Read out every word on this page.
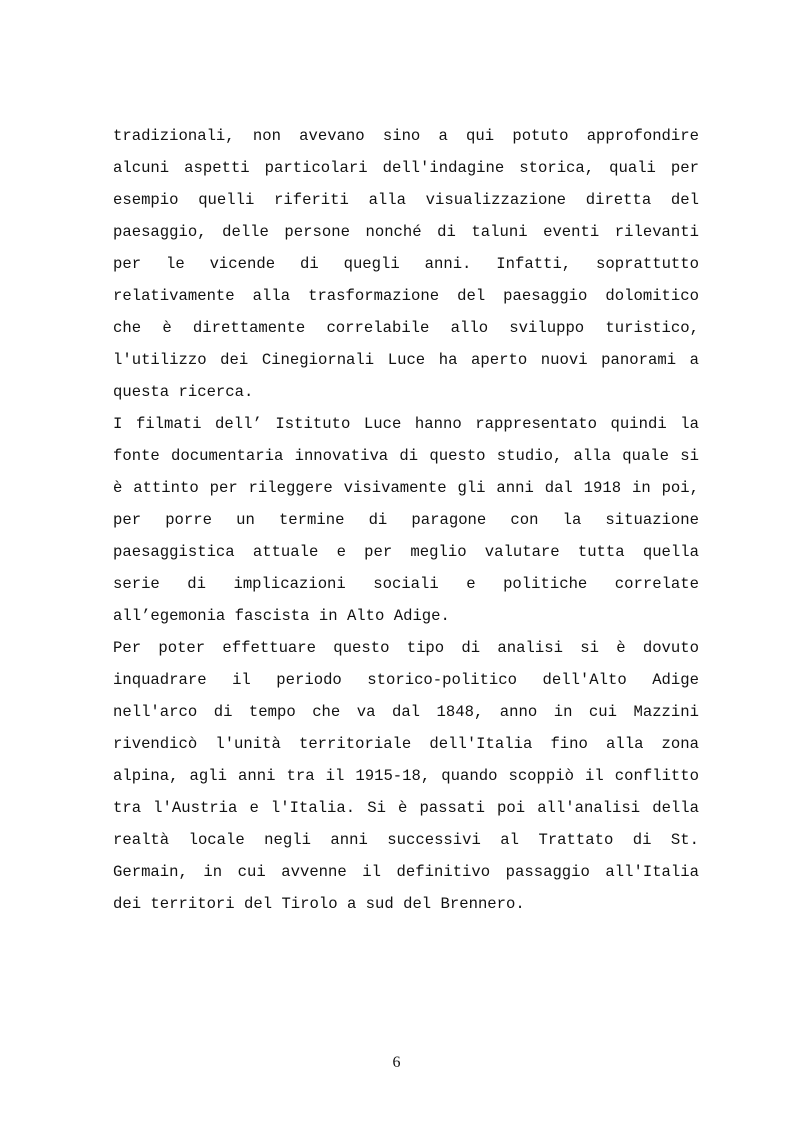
tradizionali, non avevano sino a qui potuto approfondire
alcuni aspetti particolari dell'indagine storica, quali per
esempio quelli riferiti alla visualizzazione diretta del
paesaggio, delle persone nonché di taluni eventi rilevanti
per le vicende di quegli anni. Infatti, soprattutto
relativamente alla trasformazione del paesaggio dolomitico
che è direttamente correlabile allo sviluppo turistico,
l'utilizzo dei Cinegiornali Luce ha aperto nuovi panorami a
questa ricerca.
I filmati dell’ Istituto Luce hanno rappresentato quindi la
fonte documentaria innovativa di questo studio, alla quale si
è attinto per rileggere visivamente gli anni dal 1918 in poi,
per porre un termine di paragone con la situazione
paesaggistica attuale e per meglio valutare tutta quella
serie di implicazioni sociali e politiche correlate
all’egemonia fascista in Alto Adige.
Per poter effettuare questo tipo di analisi si è dovuto
inquadrare il periodo storico-politico dell'Alto Adige
nell'arco di tempo che va dal 1848, anno in cui Mazzini
rivendicò l'unità territoriale dell'Italia fino alla zona
alpina, agli anni tra il 1915-18, quando scoppiò il conflitto
tra l'Austria e l'Italia. Si è passati poi all'analisi della
realtà locale negli anni successivi al Trattato di St.
Germain, in cui avvenne il definitivo passaggio all'Italia
dei territori del Tirolo a sud del Brennero.
6
